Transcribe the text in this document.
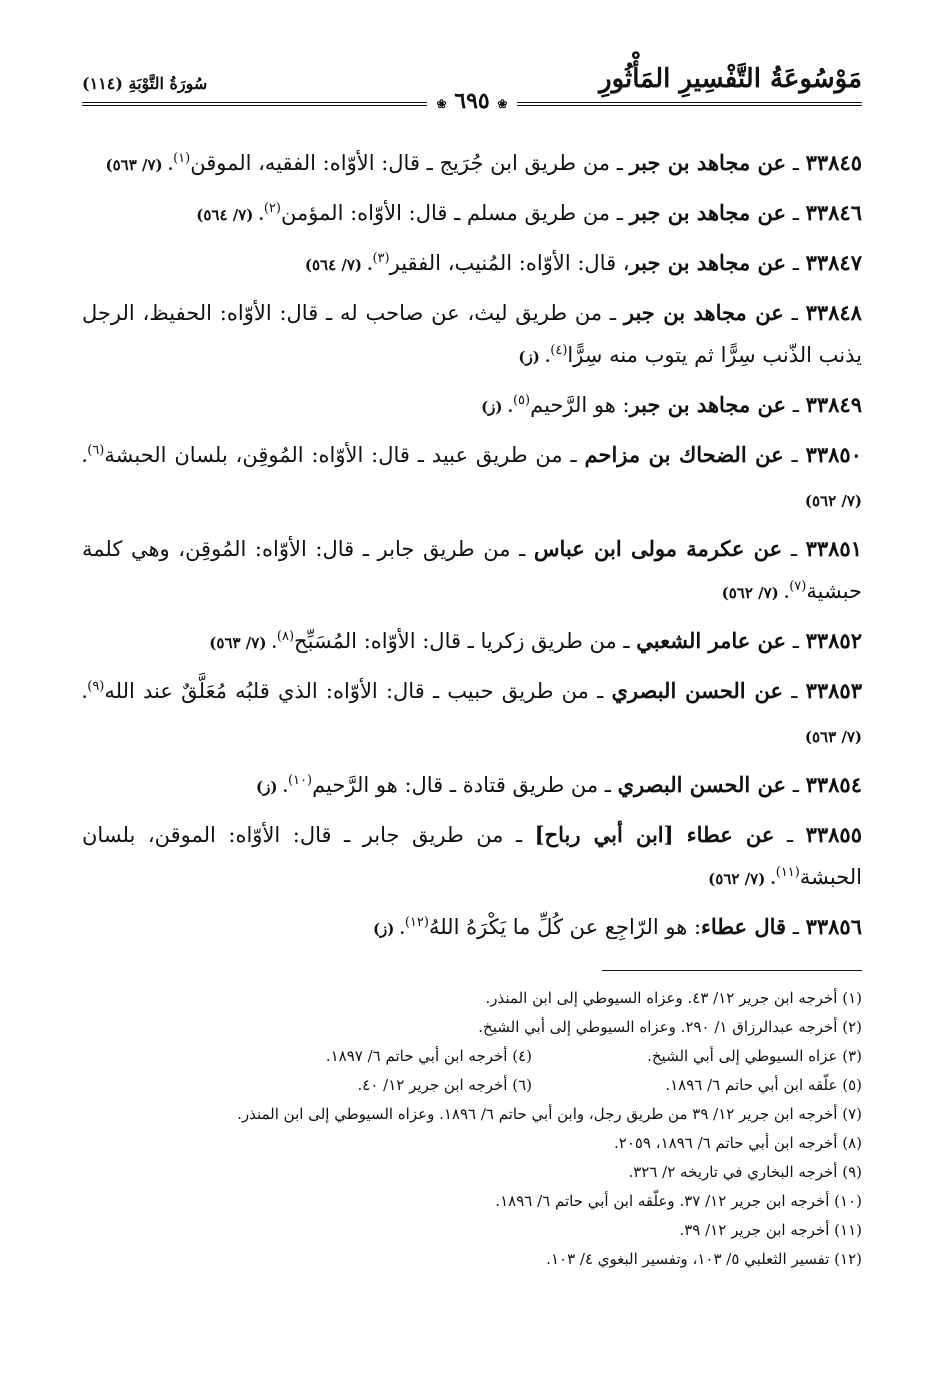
مَوْسُوعَةُ التَّفْسِيرِ المَأْثُورِ
سُورَةُ التَّوْبَةِ (١١٤)
❀ ٦٩٥ ❀

٣٣٨٤٥ ـ عن مجاهد بن جبر ـ من طريق ابن جُرَيج ـ قال: الأوّاه: الفقيه، الموقن$^{(١)}$. (٧/ ٥٦٣)

٣٣٨٤٦ ـ عن مجاهد بن جبر ـ من طريق مسلم ـ قال: الأوّاه: المؤمن$^{(٢)}$. (٧/ ٥٦٤)

٣٣٨٤٧ ـ عن مجاهد بن جبر، قال: الأوّاه: المُنيب، الفقير$^{(٣)}$. (٧/ ٥٦٤)

٣٣٨٤٨ ـ عن مجاهد بن جبر ـ من طريق ليث، عن صاحب له ـ قال: الأوّاه: الحفيظ، الرجل يذنب الذّنب سِرًّا ثم يتوب منه سِرًّا$^{(٤)}$. (ز)

٣٣٨٤٩ ـ عن مجاهد بن جبر: هو الرَّحيم$^{(٥)}$. (ز)

٣٣٨٥٠ ـ عن الضحاك بن مزاحم ـ من طريق عبيد ـ قال: الأوّاه: المُوقِن، بلسان الحبشة$^{(٦)}$. (٧/ ٥٦٢)

٣٣٨٥١ ـ عن عكرمة مولى ابن عباس ـ من طريق جابر ـ قال: الأوّاه: المُوقِن، وهي كلمة حبشية$^{(٧)}$. (٧/ ٥٦٢)

٣٣٨٥٢ ـ عن عامر الشعبي ـ من طريق زكريا ـ قال: الأوّاه: المُسَبِّح$^{(٨)}$. (٧/ ٥٦٣)

٣٣٨٥٣ ـ عن الحسن البصري ـ من طريق حبيب ـ قال: الأوّاه: الذي قلبُه مُعَلَّقٌ عند الله$^{(٩)}$. (٧/ ٥٦٣)

٣٣٨٥٤ ـ عن الحسن البصري ـ من طريق قتادة ـ قال: هو الرَّحيم$^{(١٠)}$. (ز)

٣٣٨٥٥ ـ عن عطاء [ابن أبي رباح] ـ من طريق جابر ـ قال: الأوّاه: الموقن، بلسان الحبشة$^{(١١)}$. (٧/ ٥٦٢)

٣٣٨٥٦ ـ قال عطاء: هو الرّاجِع عن كُلِّ ما يَكْرَهُ اللهُ$^{(١٢)}$. (ز)

(١) أخرجه ابن جرير ١٢/ ٤٣. وعزاه السيوطي إلى ابن المنذر.
(٢) أخرجه عبدالرزاق ١/ ٢٩٠. وعزاه السيوطي إلى أبي الشيخ.
(٣) عزاه السيوطي إلى أبي الشيخ.
(٤) أخرجه ابن أبي حاتم ٦/ ١٨٩٧.
(٥) علّقه ابن أبي حاتم ٦/ ١٨٩٦.
(٦) أخرجه ابن جرير ١٢/ ٤٠.
(٧) أخرجه ابن جرير ١٢/ ٣٩ من طريق رجل، وابن أبي حاتم ٦/ ١٨٩٦. وعزاه السيوطي إلى ابن المنذر.
(٨) أخرجه ابن أبي حاتم ٦/ ١٨٩٦، ٢٠٥٩.
(٩) أخرجه البخاري في تاريخه ٢/ ٣٢٦.
(١٠) أخرجه ابن جرير ١٢/ ٣٧. وعلّقه ابن أبي حاتم ٦/ ١٨٩٦.
(١١) أخرجه ابن جرير ١٢/ ٣٩.
(١٢) تفسير الثعلبي ٥/ ١٠٣، وتفسير البغوي ٤/ ١٠٣.
